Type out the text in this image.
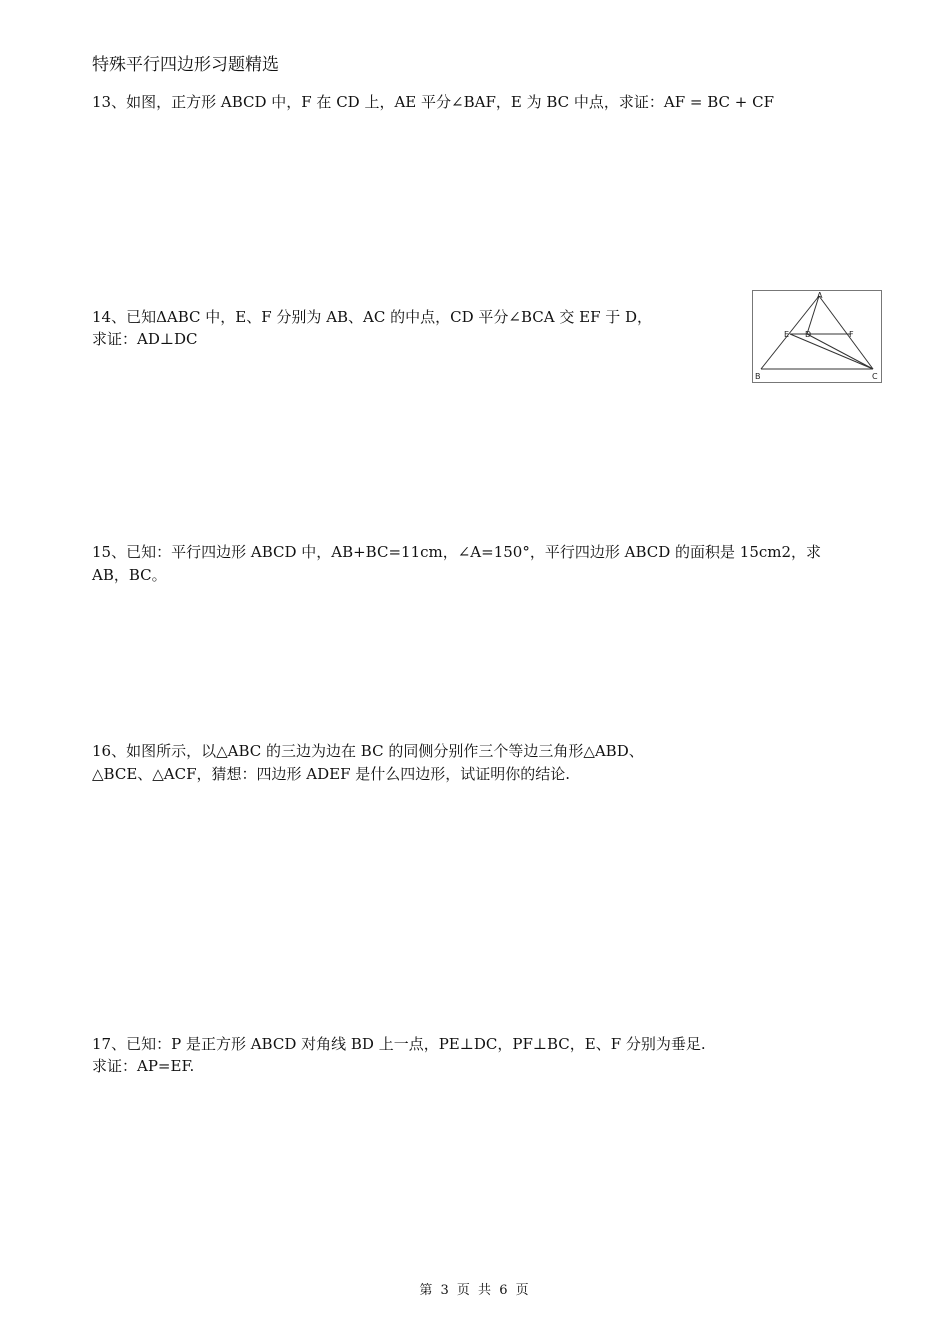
特殊平行四边形习题精选
13、如图，正方形 ABCD 中，F 在 CD 上，AE 平分∠BAF，E 为 BC 中点，求证：AF = BC + CF
14、已知ΔABC 中，E、F 分别为 AB、AC 的中点，CD 平分∠BCA 交 EF 于 D，
求证：AD⊥DC
A
B	C
D
E	F
15、已知：平行四边形 ABCD 中，AB+BC=11cm，∠A=150°，平行四边形 ABCD 的面积是 15cm2，求
AB，BC。
16、如图所示，以△ABC 的三边为边在 BC 的同侧分别作三个等边三角形△ABD、
△BCE、△ACF，猜想：四边形 ADEF 是什么四边形，试证明你的结论.
17、已知：P 是正方形 ABCD 对角线 BD 上一点，PE⊥DC，PF⊥BC，E、F 分别为垂足.
求证：AP=EF.
第 3 页 共 6 页
